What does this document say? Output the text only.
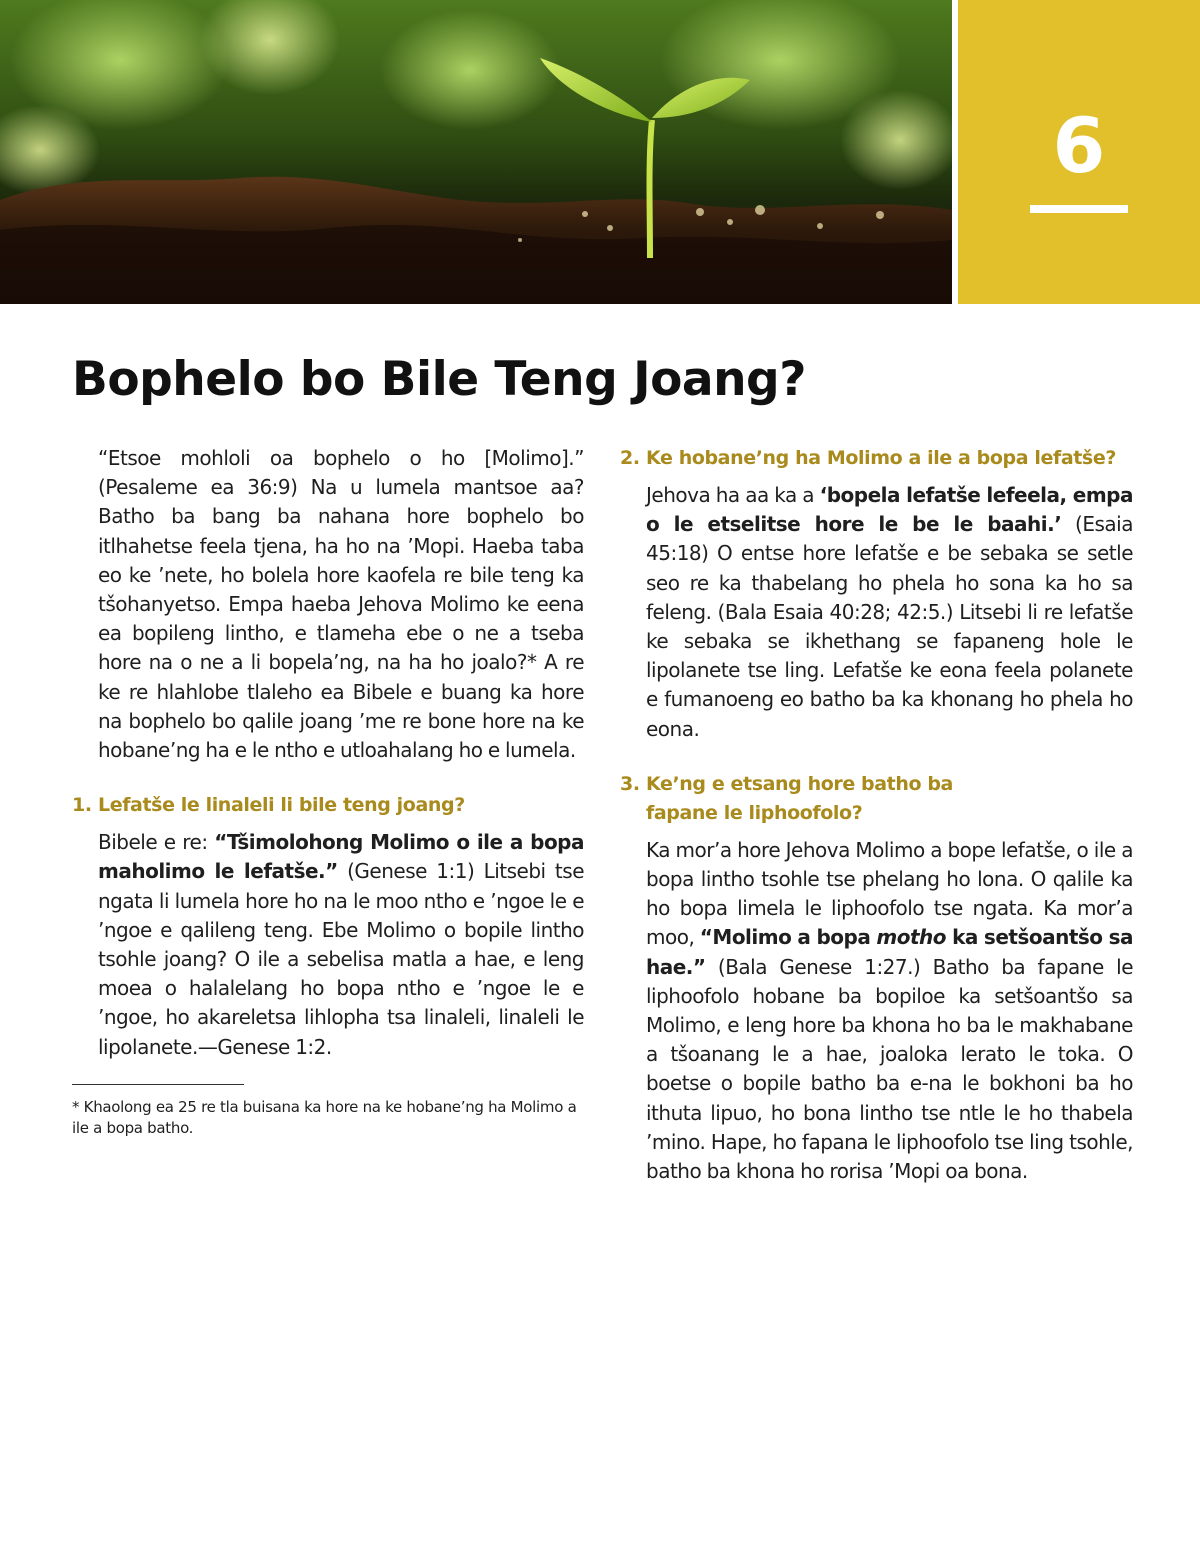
6
Bophelo bo Bile Teng Joang?

“Etsoe mohloli oa bophelo o ho [Molimo].” (Pesaleme ea 36:9) Na u lumela mantsoe aa? Batho ba bang ba nahana hore bophelo bo itlhahetse feela tjena, ha ho na ’Mopi. Haeba taba eo ke ’nete, ho bolela hore kaofela re bile teng ka tšohanyetso. Empa haeba Jehova Molimo ke eena ea bopileng lintho, e tlameha ebe o ne a tseba hore na o ne a li bopela’ng, na ha ho joalo?* A re ke re hlahlobe tlaleho ea Bibele e buang ka hore na bophelo bo qalile joang ’me re bone hore na ke hobane’ng ha e le ntho e utloahalang ho e lumela.

1. Lefatše le linaleli li bile teng joang?

Bibele e re: “Tšimolohong Molimo o ile a bopa maholimo le lefatše.” (Genese 1:1) Litsebi tse ngata li lumela hore ho na le moo ntho e ’ngoe le e ’ngoe e qalileng teng. Ebe Molimo o bopile lintho tsohle joang? O ile a sebelisa matla a hae, e leng moea o halalelang ho bopa ntho e ’ngoe le e ’ngoe, ho akareletsa lihlopha tsa linaleli, linaleli le lipolanete.—Genese 1:2.

* Khaolong ea 25 re tla buisana ka hore na ke hobane’ng ha Molimo a ile a bopa batho.

2. Ke hobane’ng ha Molimo a ile a bopa lefatše?

Jehova ha aa ka a ‘bopela lefatše lefeela, empa o le etselitse hore le be le baahi.’ (Esaia 45:18) O entse hore lefatše e be sebaka se setle seo re ka thabelang ho phela ho sona ka ho sa feleng. (Bala Esaia 40:28; 42:5.) Litsebi li re lefatše ke sebaka se ikhethang se fapaneng hole le lipolanete tse ling. Lefatše ke eona feela polanete e fumanoeng eo batho ba ka khonang ho phela ho eona.

3. Ke’ng e etsang hore batho ba
fapane le liphoofolo?

Ka mor’a hore Jehova Molimo a bope lefatše, o ile a bopa lintho tsohle tse phelang ho lona. O qalile ka ho bopa limela le liphoofolo tse ngata. Ka mor’a moo, “Molimo a bopa motho ka setšoantšo sa hae.” (Bala Genese 1:27.) Batho ba fapane le liphoofolo hobane ba bopiloe ka setšoantšo sa Molimo, e leng hore ba khona ho ba le makhabane a tšoanang le a hae, joaloka lerato le toka. O boetse o bopile batho ba e-na le bokhoni ba ho ithuta lipuo, ho bona lintho tse ntle le ho thabela ’mino. Hape, ho fapana le liphoofolo tse ling tsohle, batho ba khona ho rorisa ’Mopi oa bona.
